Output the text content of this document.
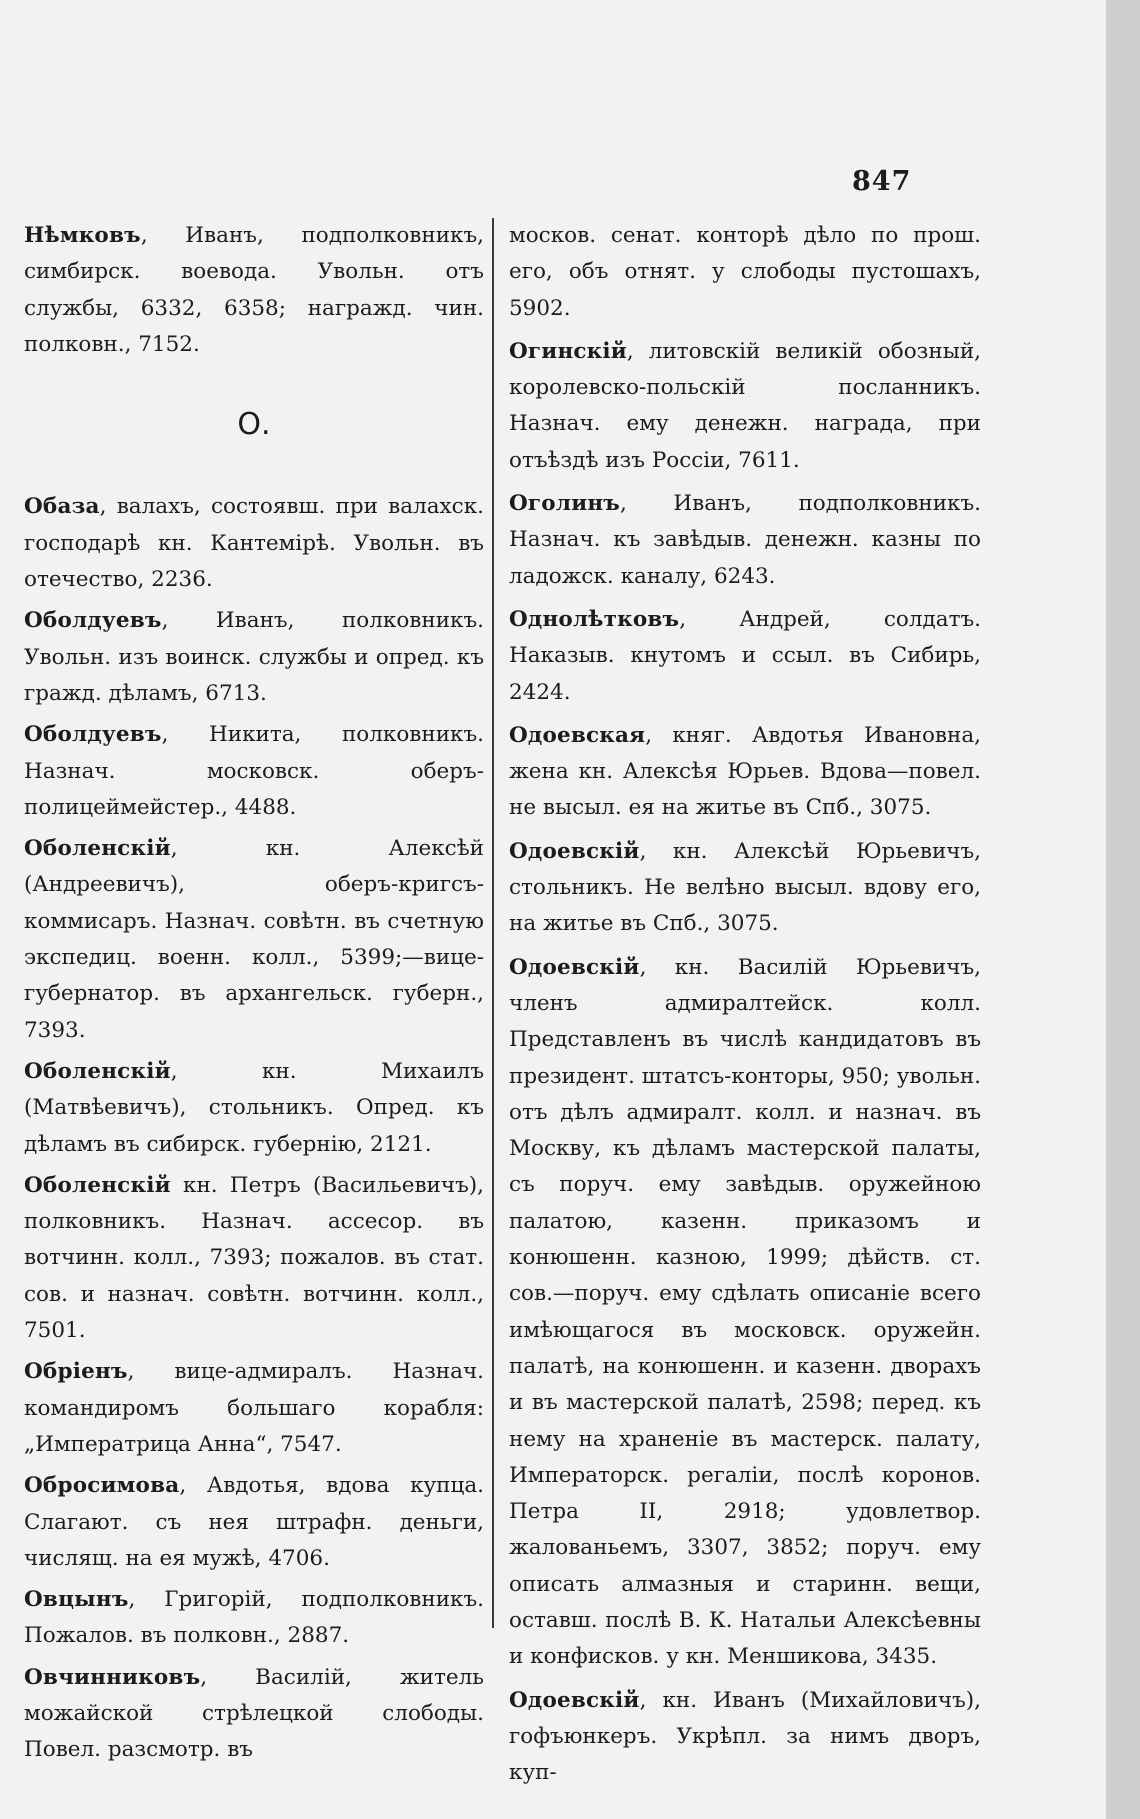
847

Нѣмковъ, Иванъ, подполковникъ, симбирск. воевода. Увольн. отъ службы, 6332, 6358; награжд. чин. полковн., 7152.

О.

Обаза, валахъ, состоявш. при валахск. господарѣ кн. Кантемірѣ. Увольн. въ отечество, 2236.

Оболдуевъ, Иванъ, полковникъ. Увольн. изъ воинск. службы и опред. къ гражд. дѣламъ, 6713.

Оболдуевъ, Никита, полковникъ. Назнач. московск. оберъ-полицеймейстер., 4488.

Оболенскій, кн. Алексѣй (Андреевичъ), оберъ-кригсъ-коммисаръ. Назнач. совѣтн. въ счетную экспедиц. военн. колл., 5399;—вице-губернатор. въ архангельск. губерн., 7393.

Оболенскій, кн. Михаилъ (Матвѣевичъ), стольникъ. Опред. къ дѣламъ въ сибирск. губернію, 2121.

Оболенскій кн. Петръ (Васильевичъ), полковникъ. Назнач. ассесор. въ вотчинн. колл., 7393; пожалов. въ стат. сов. и назнач. совѣтн. вотчинн. колл., 7501.

Обріенъ, вице-адмиралъ. Назнач. командиромъ большаго корабля: „Императрица Анна“, 7547.

Обросимова, Авдотья, вдова купца. Слагают. съ нея штрафн. деньги, числящ. на ея мужѣ, 4706.

Овцынъ, Григорій, подполковникъ. Пожалов. въ полковн., 2887.

Овчинниковъ, Василій, житель можайской стрѣлецкой слободы. Повел. разсмотр. въ

москов. сенат. конторѣ дѣло по прош. его, объ отнят. у слободы пустошахъ, 5902.

Огинскій, литовскій великій обозный, королевско-польскій посланникъ. Назнач. ему денежн. награда, при отъѣздѣ изъ Россіи, 7611.

Оголинъ, Иванъ, подполковникъ. Назнач. къ завѣдыв. денежн. казны по ладожск. каналу, 6243.

Однолѣтковъ, Андрей, солдатъ. Наказыв. кнутомъ и ссыл. въ Сибирь, 2424.

Одоевская, княг. Авдотья Ивановна, жена кн. Алексѣя Юрьев. Вдова—повел. не высыл. ея на житье въ Спб., 3075.

Одоевскій, кн. Алексѣй Юрьевичъ, стольникъ. Не велѣно высыл. вдову его, на житье въ Спб., 3075.

Одоевскій, кн. Василій Юрьевичъ, членъ адмиралтейск. колл. Представленъ въ числѣ кандидатовъ въ президент. штатсъ-конторы, 950; увольн. отъ дѣлъ адмиралт. колл. и назнач. въ Москву, къ дѣламъ мастерской палаты, съ поруч. ему завѣдыв. оружейною палатою, казенн. приказомъ и конюшенн. казною, 1999; дѣйств. ст. сов.—поруч. ему сдѣлать описаніе всего имѣющагося въ московск. оружейн. палатѣ, на конюшенн. и казенн. дворахъ и въ мастерской палатѣ, 2598; перед. къ нему на храненіе въ мастерск. палату, Императорск. регаліи, послѣ коронов. Петра II, 2918; удовлетвор. жалованьемъ, 3307, 3852; поруч. ему описать алмазныя и старинн. вещи, оставш. послѣ В. К. Натальи Алексѣевны и конфисков. у кн. Меншикова, 3435.

Одоевскій, кн. Иванъ (Михайловичъ), гофъюнкеръ. Укрѣпл. за нимъ дворъ, куп-
